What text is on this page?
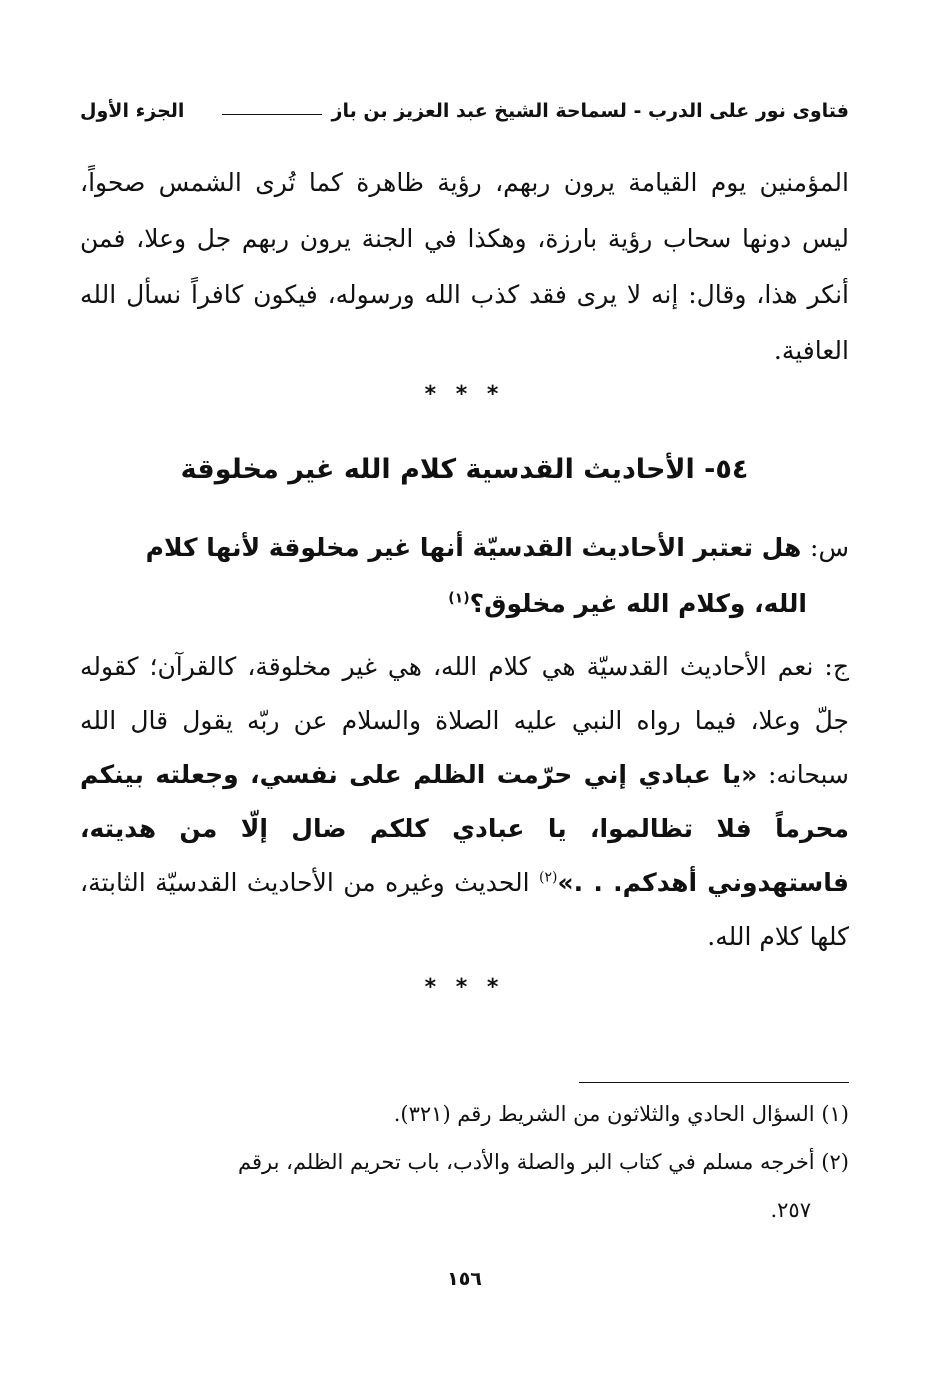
فتاوى نور على الدرب - لسماحة الشيخ عبد العزيز بن باز
الجزء الأول

المؤمنين يوم القيامة يرون ربهم، رؤية ظاهرة كما تُرى الشمس صحواً، ليس دونها سحاب رؤية بارزة، وهكذا في الجنة يرون ربهم جل وعلا، فمن أنكر هذا، وقال: إنه لا يرى فقد كذب الله ورسوله، فيكون كافراً نسأل الله العافية.

* * *
٥٤- الأحاديث القدسية كلام الله غير مخلوقة
س: هل تعتبر الأحاديث القدسيّة أنها غير مخلوقة لأنها كلام
الله، وكلام الله غير مخلوق؟$^{(١)}$

ج: نعم الأحاديث القدسيّة هي كلام الله، هي غير مخلوقة، كالقرآن؛ كقوله جلّ وعلا، فيما رواه النبي عليه الصلاة والسلام عن ربّه يقول قال الله سبحانه: «يا عبادي إني حرّمت الظلم على نفسي، وجعلته بينكم محرماً فلا تظالموا، يا عبادي كلكم ضال إلّا من هديته، فاستهدوني أهدكم. . .»$^{(٢)}$ الحديث وغيره من الأحاديث القدسيّة الثابتة، كلها كلام الله.

* * *

(١) السؤال الحادي والثلاثون من الشريط رقم (٣٢١).

(٢) أخرجه مسلم في كتاب البر والصلة والأدب، باب تحريم الظلم، برقم
٢٥٧.

١٥٦
